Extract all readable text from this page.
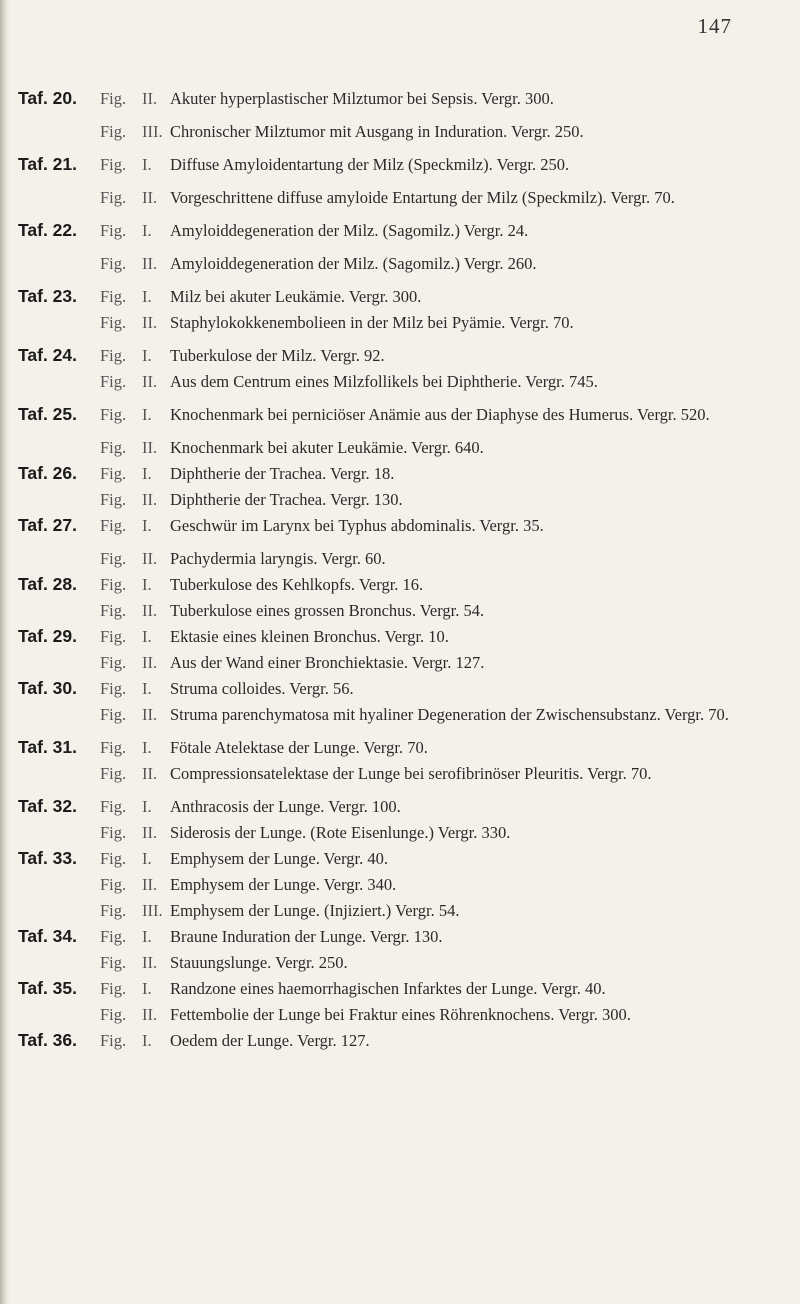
147
Taf. 20.	Fig. II. Akuter hyperplastischer Milztumor bei Sepsis. Vergr. 300.
Fig. III. Chronischer Milztumor mit Ausgang in Induration. Vergr. 250.
Taf. 21.	Fig. I.	Diffuse Amyloidentartung der Milz (Speckmilz). Vergr. 250.
Fig. II. Vorgeschrittene diffuse amyloide Entartung der Milz (Speckmilz). Vergr. 70.
Taf. 22.	Fig. I.	Amyloiddegeneration der Milz. (Sagomilz.) Vergr. 24.
Fig. II. Amyloiddegeneration der Milz. (Sagomilz.) Vergr. 260.
Taf. 23.	Fig. I.	Milz bei akuter Leukämie. Vergr. 300.
Fig. II. Staphylokokkenembolieen in der Milz bei Pyämie. Vergr. 70.
Taf. 24.	Fig. I.	Tuberkulose der Milz. Vergr. 92.
Fig. II. Aus dem Centrum eines Milzfollikels bei Diphtherie. Vergr. 745.
Taf. 25.	Fig. I.	Knochenmark bei perniciöser Anämie aus der Diaphyse des Humerus. Vergr. 520.
Fig. II. Knochenmark bei akuter Leukämie. Vergr. 640.
Taf. 26.	Fig. I.	Diphtherie der Trachea. Vergr. 18.
Fig. II. Diphtherie der Trachea. Vergr. 130.
Taf. 27.	Fig. I.	Geschwür im Larynx bei Typhus abdominalis. Vergr. 35.
Fig. II. Pachydermia laryngis. Vergr. 60.
Taf. 28.	Fig. I.	Tuberkulose des Kehlkopfs. Vergr. 16.
Fig. II. Tuberkulose eines grossen Bronchus. Vergr. 54.
Taf. 29.	Fig. I.	Ektasie eines kleinen Bronchus. Vergr. 10.
Fig. II. Aus der Wand einer Bronchiektasie. Vergr. 127.
Taf. 30.	Fig. I.	Struma colloides. Vergr. 56.
Fig. II. Struma parenchymatosa mit hyaliner Degeneration der Zwischensubstanz. Vergr. 70.
Taf. 31.	Fig. I.	Fötale Atelektase der Lunge. Vergr. 70.
Fig. II. Compressionsatelektase der Lunge bei serofibrinöser Pleuritis. Vergr. 70.
Taf. 32.	Fig. I.	Anthracosis der Lunge. Vergr. 100.
Fig. II. Siderosis der Lunge. (Rote Eisenlunge.) Vergr. 330.
Taf. 33.	Fig. I.	Emphysem der Lunge. Vergr. 40.
Fig. II. Emphysem der Lunge. Vergr. 340.
Fig. III. Emphysem der Lunge. (Injiziert.) Vergr. 54.
Taf. 34.	Fig. I.	Braune Induration der Lunge. Vergr. 130.
Fig. II. Stauungslunge. Vergr. 250.
Taf. 35.	Fig. I.	Randzone eines haemorrhagischen Infarktes der Lunge. Vergr. 40.
Fig. II. Fettembolie der Lunge bei Fraktur eines Röhrenknochens. Vergr. 300.
Taf. 36.	Fig. I.	Oedem der Lunge. Vergr. 127.
